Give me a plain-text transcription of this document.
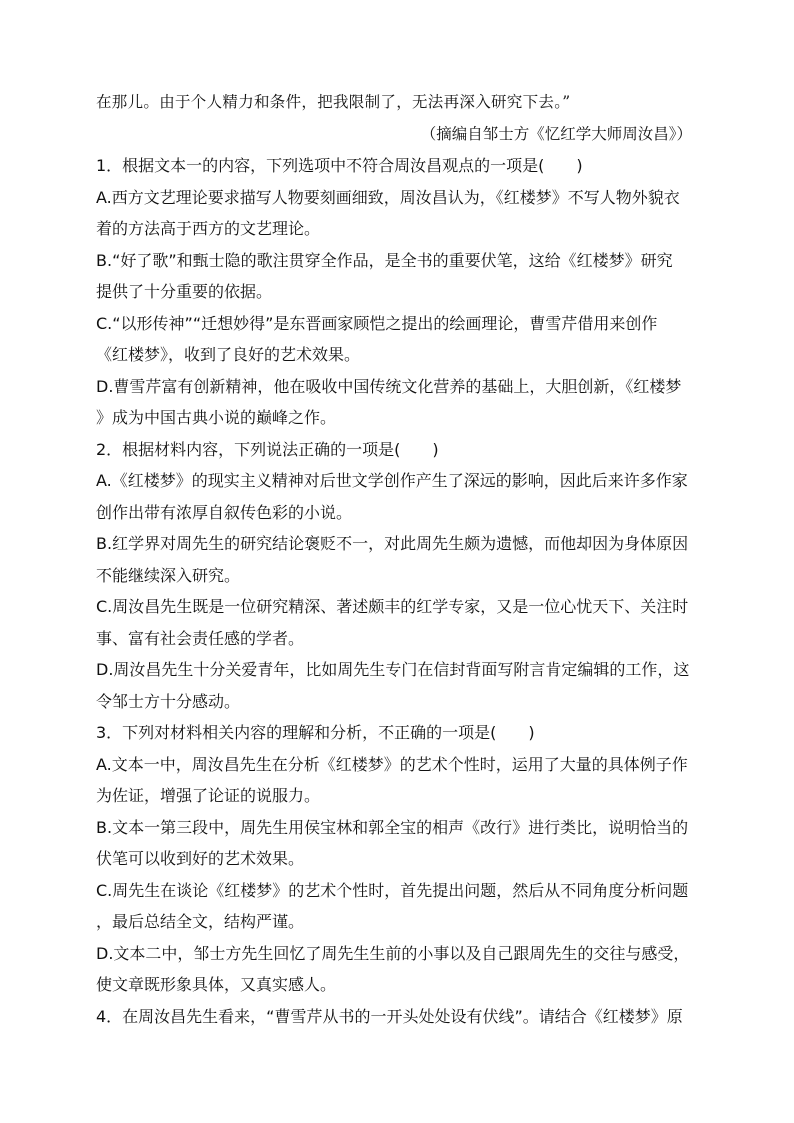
在那儿。由于个人精力和条件，把我限制了，无法再深入研究下去。”

（摘编自邹士方《忆红学大师周汝昌》）

1．根据文本一的内容，下列选项中不符合周汝昌观点的一项是(　　)

A.西方文艺理论要求描写人物要刻画细致，周汝昌认为，《红楼梦》不写人物外貌衣

着的方法高于西方的文艺理论。

B.“好了歌”和甄士隐的歌注贯穿全作品，是全书的重要伏笔，这给《红楼梦》研究

提供了十分重要的依据。

C.“以形传神”“迁想妙得”是东晋画家顾恺之提出的绘画理论，曹雪芹借用来创作

《红楼梦》，收到了良好的艺术效果。

D.曹雪芹富有创新精神，他在吸收中国传统文化营养的基础上，大胆创新，《红楼梦

》成为中国古典小说的巅峰之作。

2．根据材料内容，下列说法正确的一项是(　　)

A.《红楼梦》的现实主义精神对后世文学创作产生了深远的影响，因此后来许多作家

创作出带有浓厚自叙传色彩的小说。

B.红学界对周先生的研究结论褒贬不一，对此周先生颇为遗憾，而他却因为身体原因

不能继续深入研究。

C.周汝昌先生既是一位研究精深、著述颇丰的红学专家，又是一位心忧天下、关注时

事、富有社会责任感的学者。

D.周汝昌先生十分关爱青年，比如周先生专门在信封背面写附言肯定编辑的工作，这

令邹士方十分感动。

3．下列对材料相关内容的理解和分析，不正确的一项是(　　)

A.文本一中，周汝昌先生在分析《红楼梦》的艺术个性时，运用了大量的具体例子作

为佐证，增强了论证的说服力。

B.文本一第三段中，周先生用侯宝林和郭全宝的相声《改行》进行类比，说明恰当的

伏笔可以收到好的艺术效果。

C.周先生在谈论《红楼梦》的艺术个性时，首先提出问题，然后从不同角度分析问题

，最后总结全文，结构严谨。

D.文本二中，邹士方先生回忆了周先生生前的小事以及自己跟周先生的交往与感受，

使文章既形象具体，又真实感人。

4．在周汝昌先生看来，“曹雪芹从书的一开头处处设有伏线”。请结合《红楼梦》原
